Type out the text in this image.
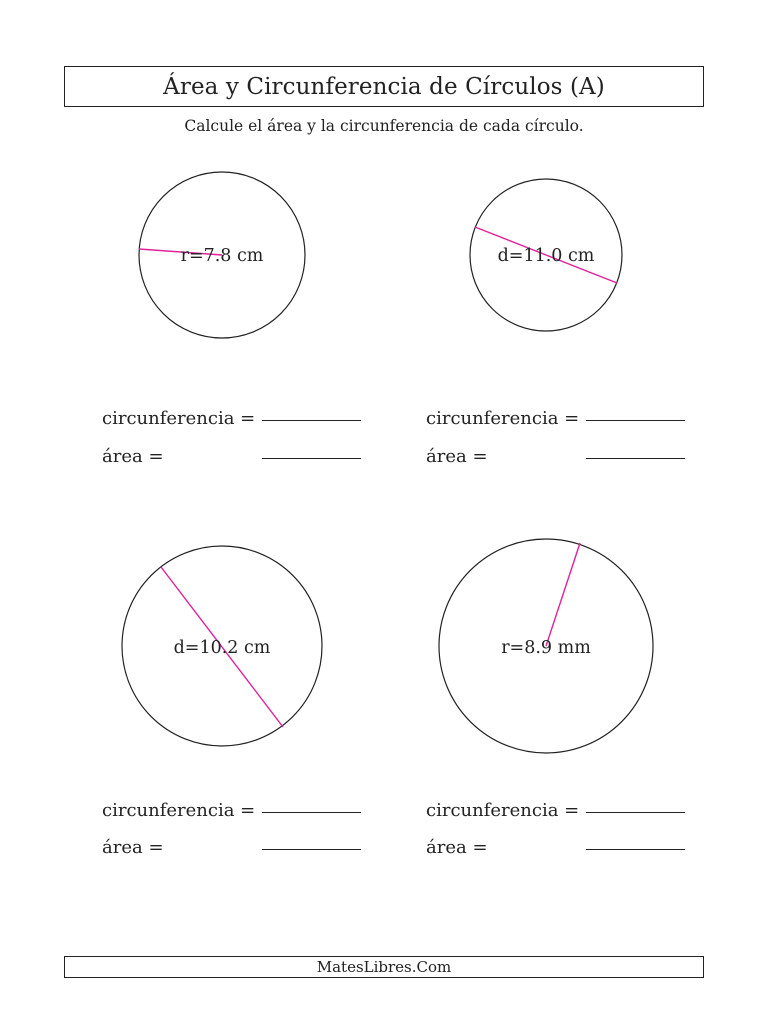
Área y Circunferencia de Círculos (A)
Calcule el área y la circunferencia de cada círculo.
r=7.8 cm	d=11.0 cm
d=10.2 cm	r=8.9 mm
circunferencia =
área =
circunferencia =
área =
circunferencia =
área =
circunferencia =
área =
MatesLibres.Com
